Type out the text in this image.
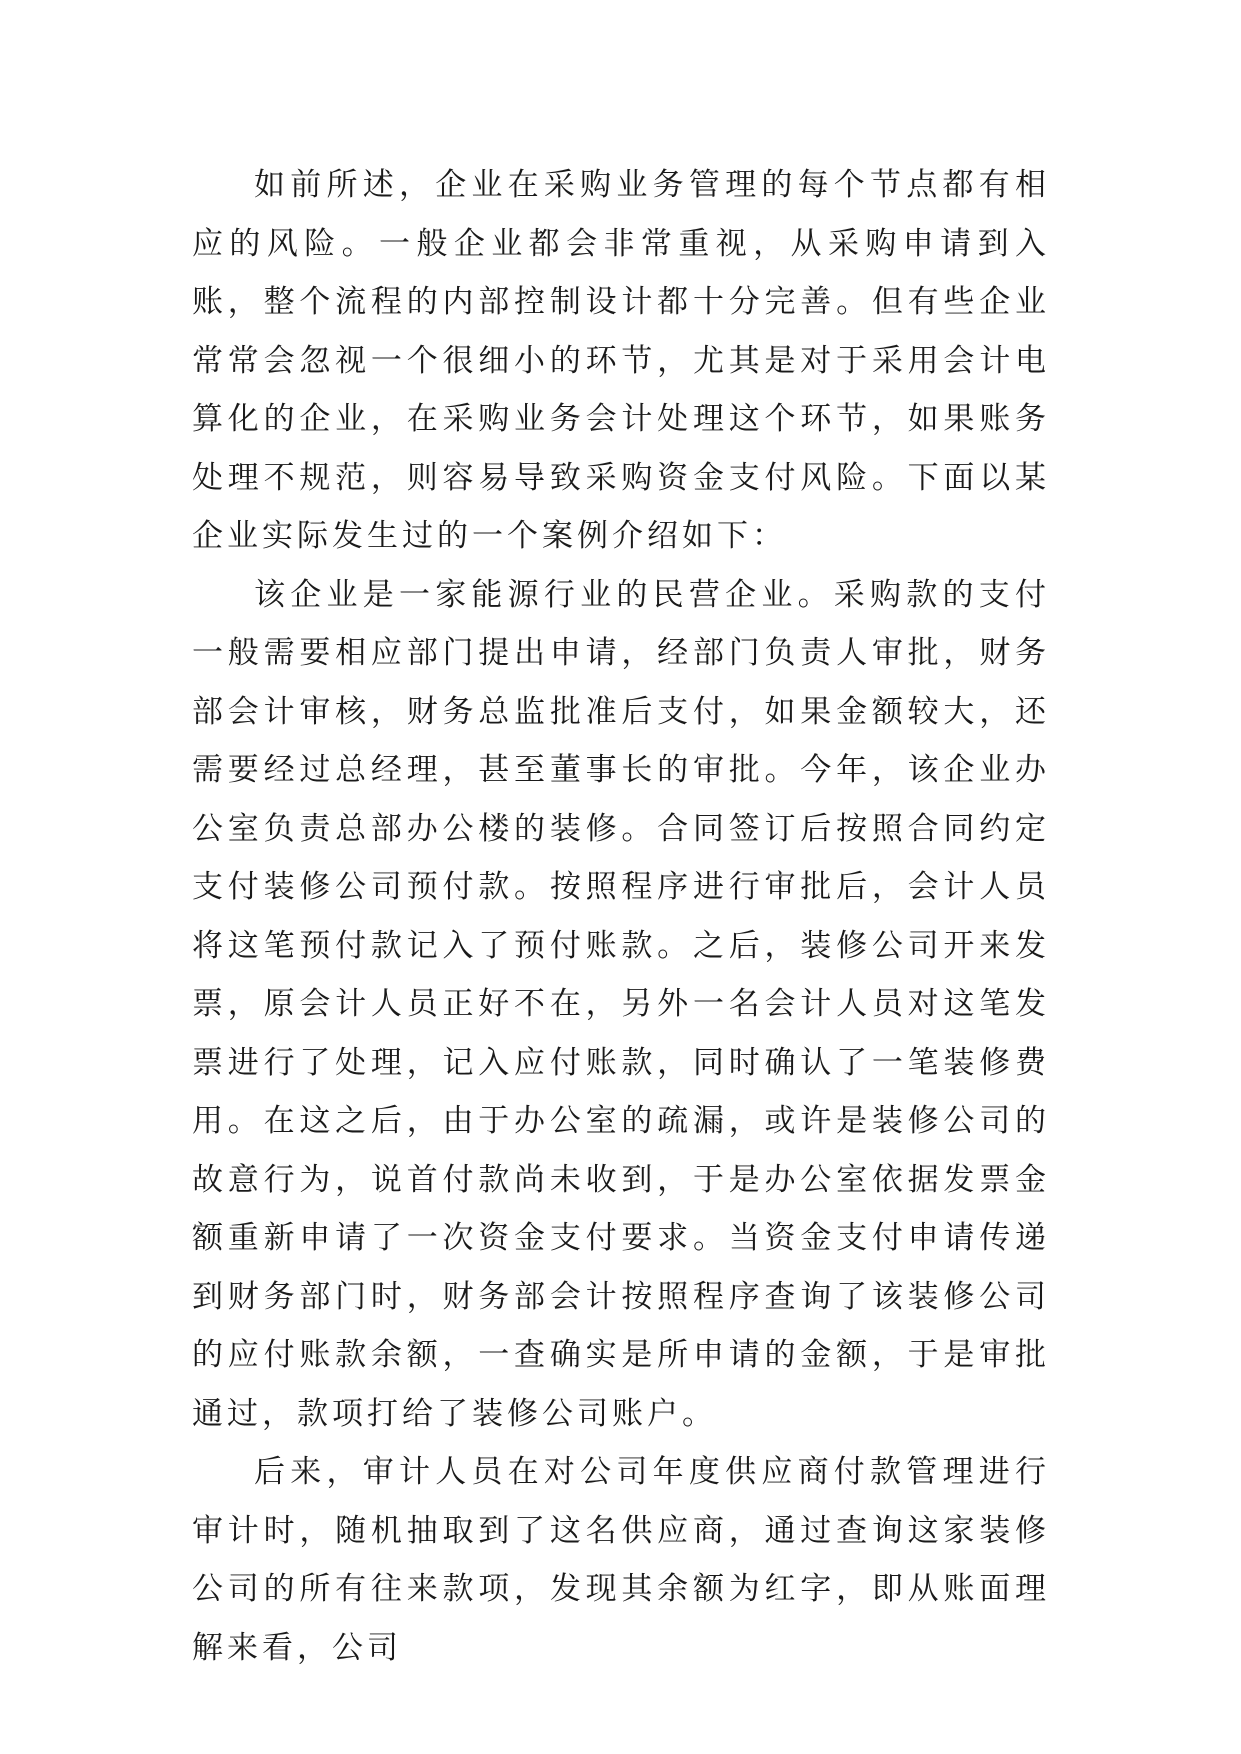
如前所述，企业在采购业务管理的每个节点都有相应的风险。一般企业都会非常重视，从采购申请到入账，整个流程的内部控制设计都十分完善。但有些企业常常会忽视一个很细小的环节，尤其是对于采用会计电算化的企业，在采购业务会计处理这个环节，如果账务处理不规范，则容易导致采购资金支付风险。下面以某企业实际发生过的一个案例介绍如下：

该企业是一家能源行业的民营企业。采购款的支付一般需要相应部门提出申请，经部门负责人审批，财务部会计审核，财务总监批准后支付，如果金额较大，还需要经过总经理，甚至董事长的审批。今年，该企业办公室负责总部办公楼的装修。合同签订后按照合同约定支付装修公司预付款。按照程序进行审批后，会计人员将这笔预付款记入了预付账款。之后，装修公司开来发票，原会计人员正好不在，另外一名会计人员对这笔发票进行了处理，记入应付账款，同时确认了一笔装修费用。在这之后，由于办公室的疏漏，或许是装修公司的故意行为，说首付款尚未收到，于是办公室依据发票金额重新申请了一次资金支付要求。当资金支付申请传递到财务部门时，财务部会计按照程序查询了该装修公司的应付账款余额，一查确实是所申请的金额，于是审批通过，款项打给了装修公司账户。

后来，审计人员在对公司年度供应商付款管理进行审计时，随机抽取到了这名供应商，通过查询这家装修公司的所有往来款项，发现其余额为红字，即从账面理解来看，公司
